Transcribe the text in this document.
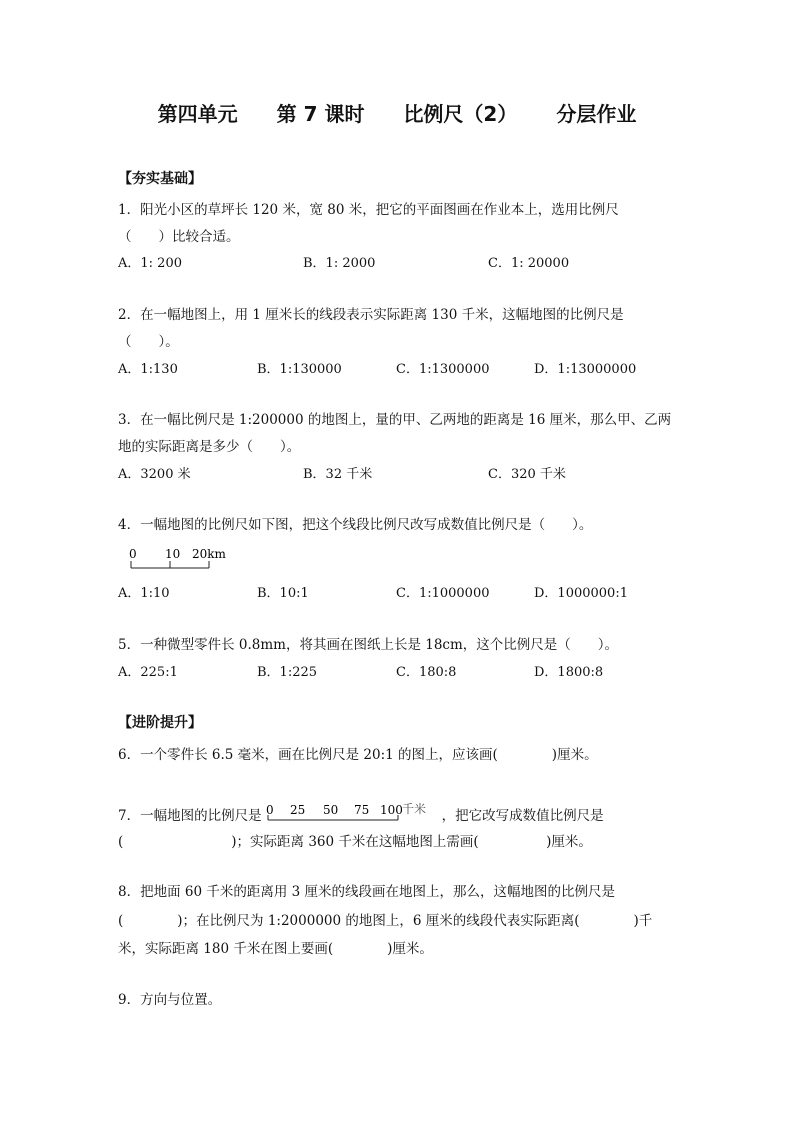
第四单元 第 7 课时 比例尺（2） 分层作业
【夯实基础】
1．阳光小区的草坪长 120 米，宽 80 米，把它的平面图画在作业本上，选用比例尺
（　　）比较合适。
A．1: 200	B．1: 2000	C．1: 20000
2．在一幅地图上，用 1 厘米长的线段表示实际距离 130 千米，这幅地图的比例尺是
（　　）。
A．1:130	B．1:130000	C．1:1300000	D．1:13000000
3．在一幅比例尺是 1:200000 的地图上，量的甲、乙两地的距离是 16 厘米，那么甲、乙两
地的实际距离是多少（　　）。
A．3200 米	B．32 千米	C．320 千米
4．一幅地图的比例尺如下图，把这个线段比例尺改写成数值比例尺是（　　）。
0 10 20km
A．1:10	B．10:1	C．1:1000000	D．1000000:1
5．一种微型零件长 0.8mm，将其画在图纸上长是 18cm，这个比例尺是（　　）。
A．225:1	B．1:225	C．180:8	D．1800:8
【进阶提升】
6．一个零件长 6.5 毫米，画在比例尺是 20:1 的图上，应该画(　　　　)厘米。
7．一幅地图的比例尺是 0 25 50 75 100 千米 ，把它改写成数值比例尺是
(　　　　　　　　)；实际距离 360 千米在这幅地图上需画(　　　　　)厘米。
8．把地面 60 千米的距离用 3 厘米的线段画在地图上，那么，这幅地图的比例尺是
(　　　　)；在比例尺为 1:2000000 的地图上，6 厘米的线段代表实际距离(　　　　)千
米，实际距离 180 千米在图上要画(　　　　)厘米。
9．方向与位置。
